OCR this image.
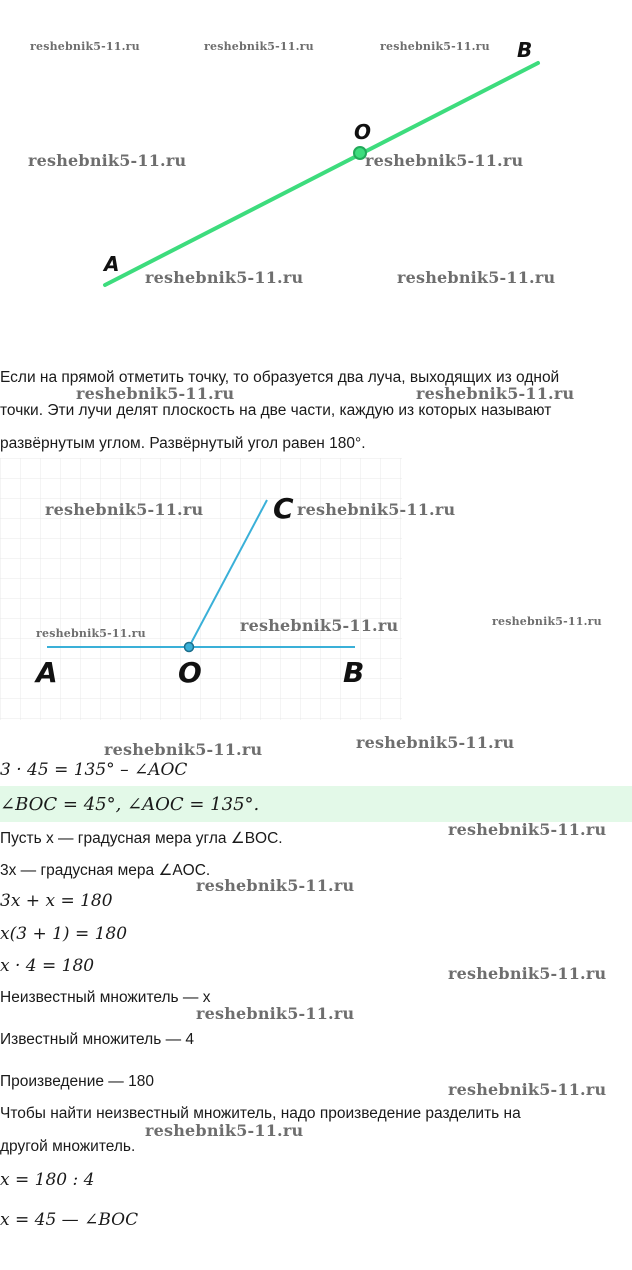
A
O
B
reshebnik5-11.ru	reshebnik5-11.ru	reshebnik5-11.ru
reshebnik5-11.ru	reshebnik5-11.ru
reshebnik5-11.ru	reshebnik5-11.ru
Если на прямой отметить точку, то образуется два луча, выходящих из одной
точки. Эти лучи делят плоскость на две части, каждую из которых называют
развёрнутым углом. Развёрнутый угол равен 180°.
reshebnik5-11.ru	reshebnik5-11.ru
A	O	B
C
reshebnik5-11.ru	reshebnik5-11.ru
reshebnik5-11.ru	reshebnik5-11.ru	reshebnik5-11.ru
reshebnik5-11.ru	reshebnik5-11.ru
3 · 45 = 135° – ∠AOC
∠BOC = 45°, ∠AOC = 135°.
Пусть x — градусная мера угла ∠BOC.
3x — градусная мера ∠AOC.
3x + x = 180
x(3 + 1) = 180
x · 4 = 180
Неизвестный множитель — x
Известный множитель — 4
Произведение — 180
Чтобы найти неизвестный множитель, надо произведение разделить на
другой множитель.
x = 180 : 4
x = 45 — ∠BOC
reshebnik5-11.ru
reshebnik5-11.ru
reshebnik5-11.ru
reshebnik5-11.ru
reshebnik5-11.ru
reshebnik5-11.ru
